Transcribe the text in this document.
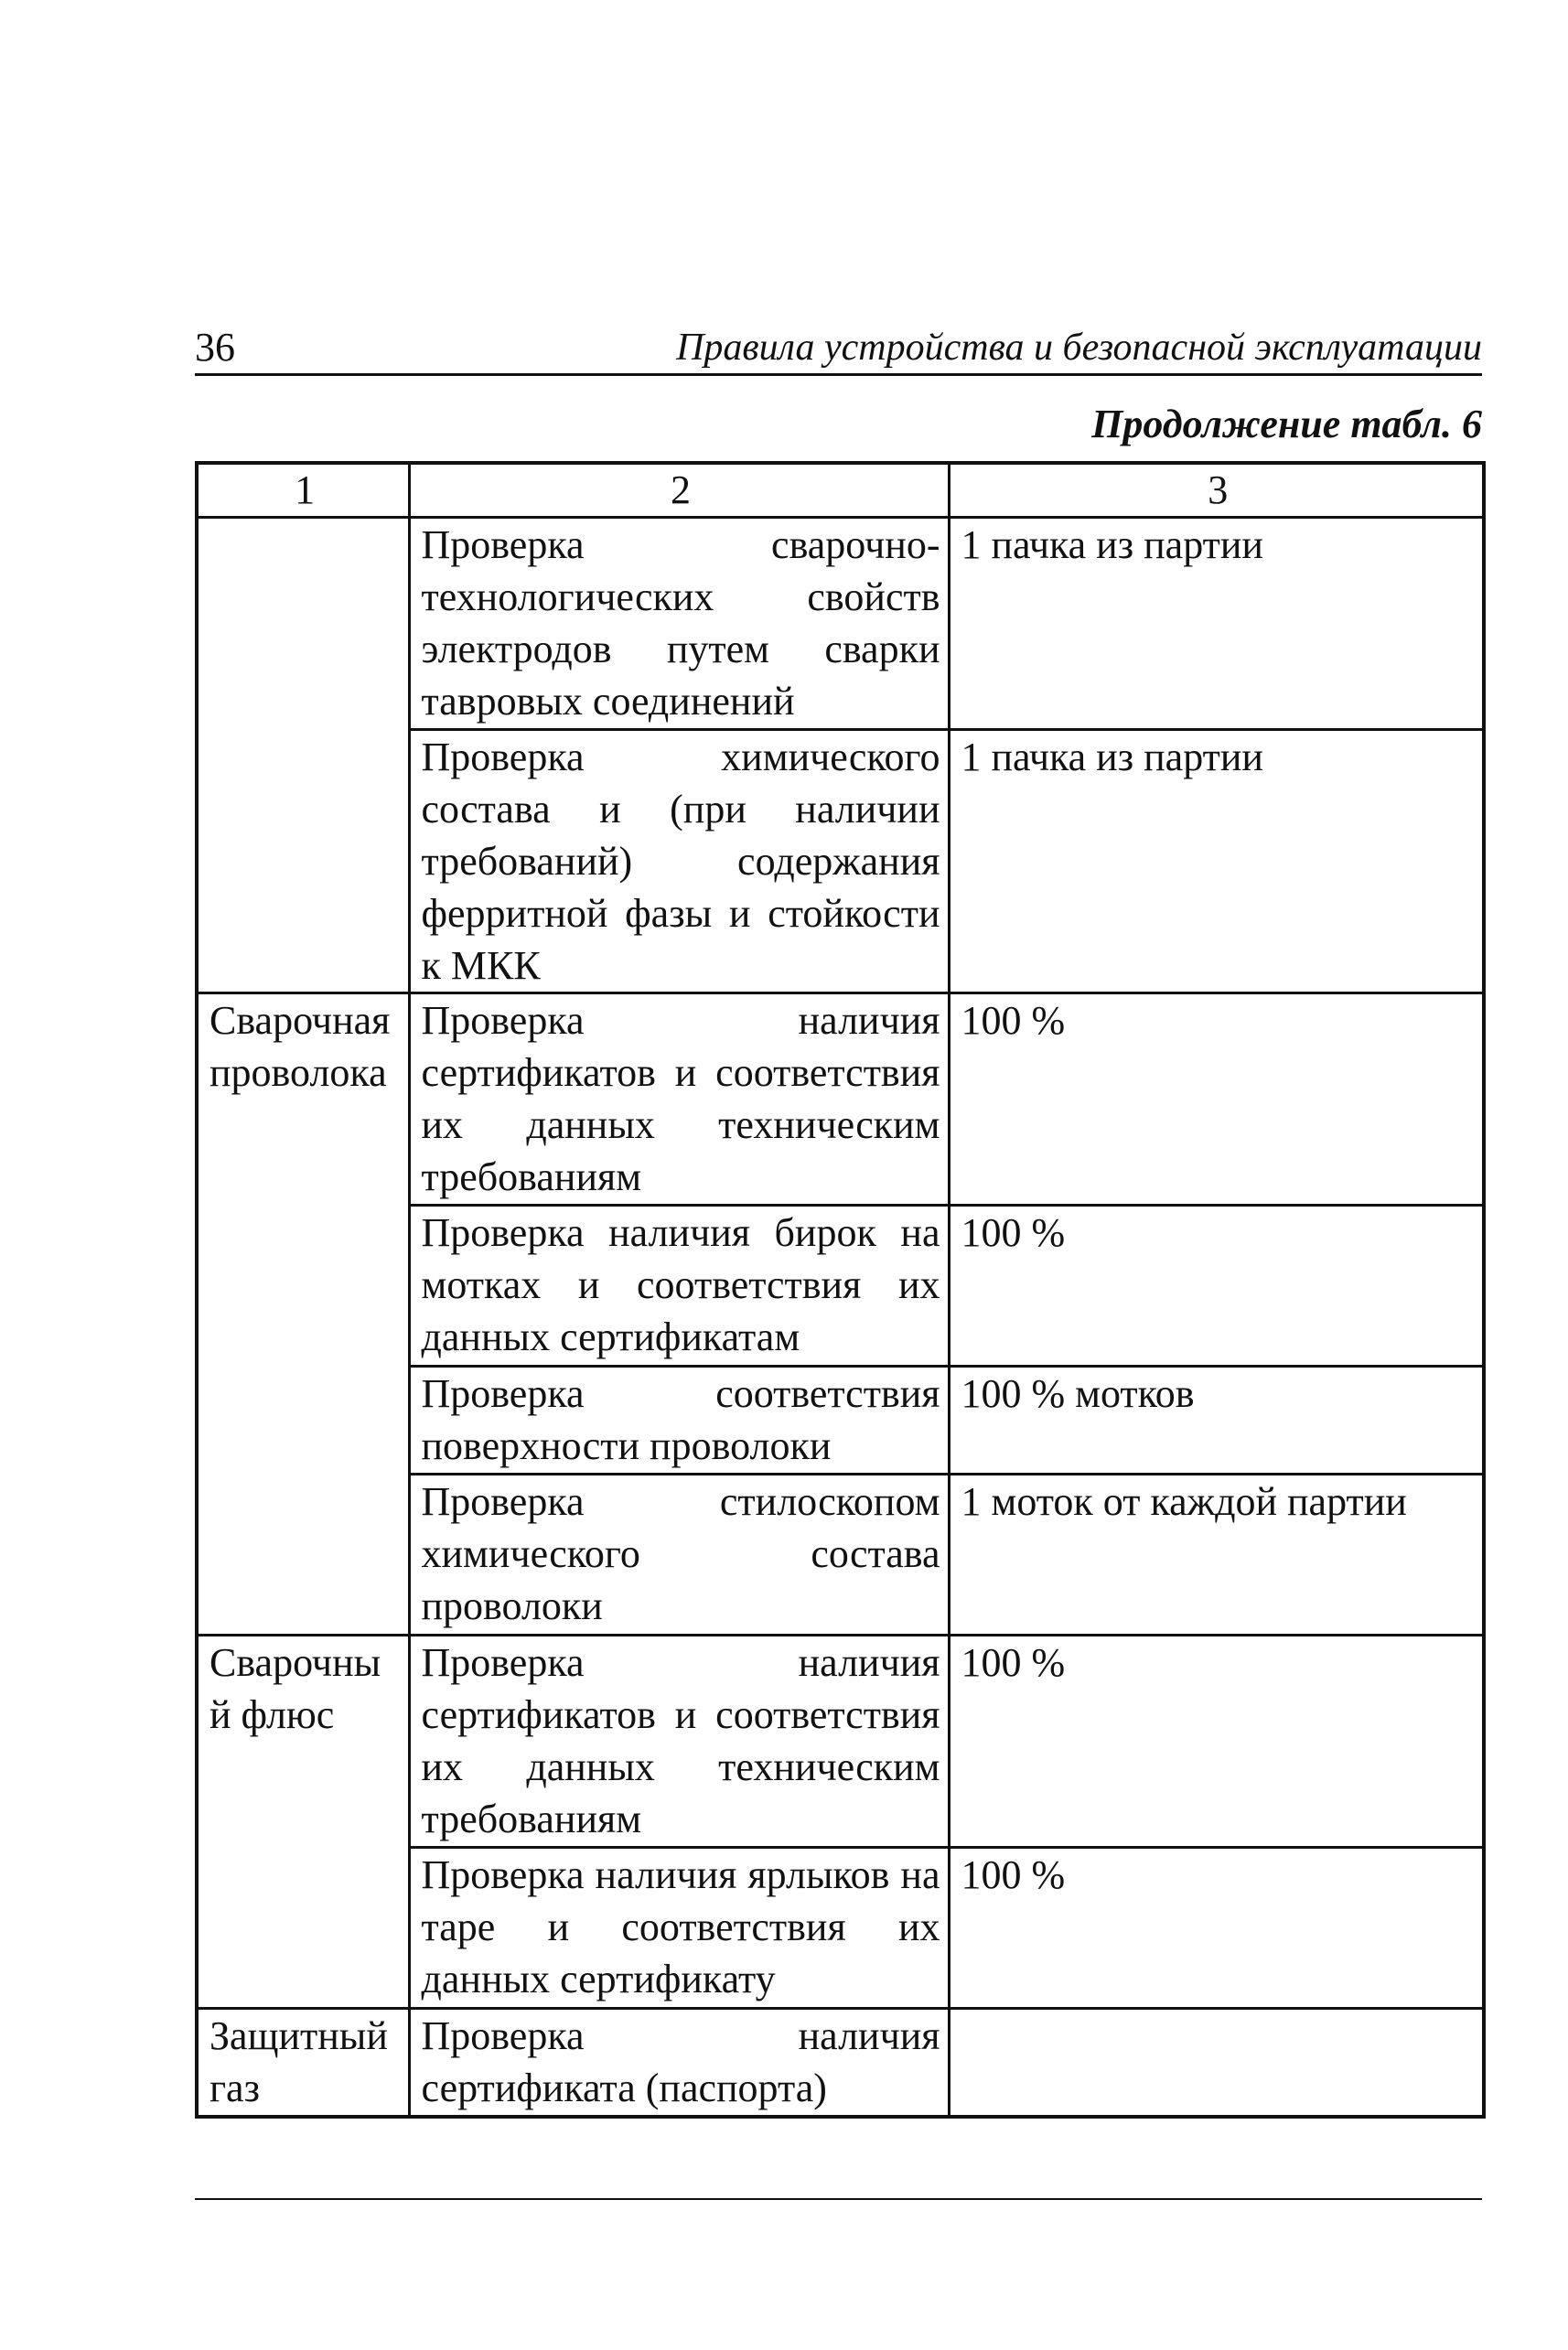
36	Правила устройства и безопасной эксплуатации
Продолжение табл. 6
1	2	3
	Проверка сварочно-технологических свойств электродов путем сварки тавровых соединений	1 пачка из партии
	Проверка химического состава и (при наличии требований) содержания ферритной фазы и стойкости к МКК	1 пачка из партии
Сварочная проволока	Проверка наличия сертификатов и соответствия их данных техническим требованиям	100 %
	Проверка наличия бирок на мотках и соответствия их данных сертификатам	100 %
	Проверка соответствия поверхности проволоки	100 % мотков
	Проверка стилоскопом химического состава проволоки	1 моток от каждой партии
Сварочный флюс	Проверка наличия сертификатов и соответствия их данных техническим требованиям	100 %
	Проверка наличия ярлыков на таре и соответствия их данных сертификату	100 %
Защитный газ	Проверка наличия сертификата (паспорта)	
